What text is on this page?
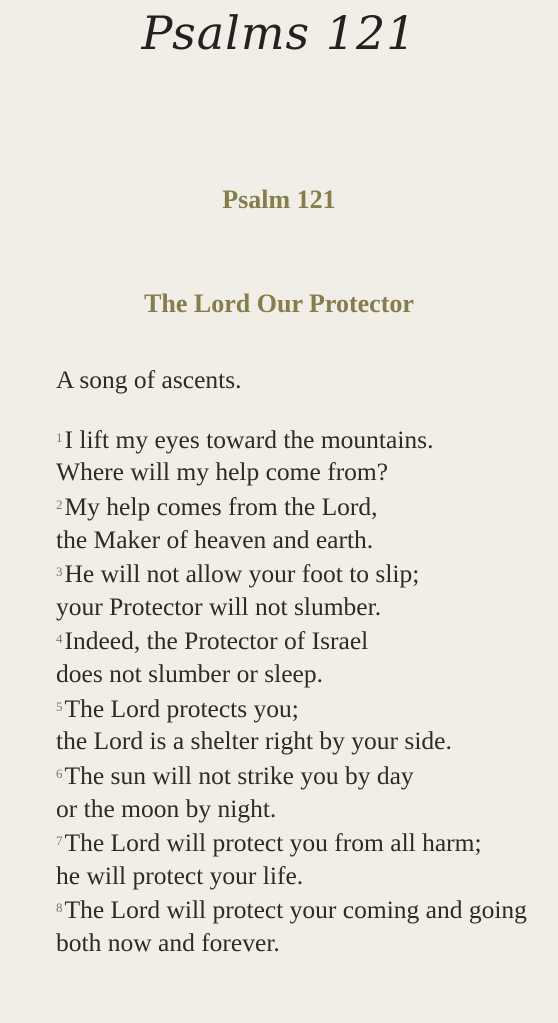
Psalms 121
Psalm 121
The Lord Our Protector
A song of ascents.
$^1$I lift my eyes toward the mountains.
Where will my help come from?
$^2$My help comes from the Lord,
the Maker of heaven and earth.
$^3$He will not allow your foot to slip;
your Protector will not slumber.
$^4$Indeed, the Protector of Israel
does not slumber or sleep.
$^5$The Lord protects you;
the Lord is a shelter right by your side.
$^6$The sun will not strike you by day
or the moon by night.
$^7$The Lord will protect you from all harm;
he will protect your life.
$^8$The Lord will protect your coming and going
both now and forever.
